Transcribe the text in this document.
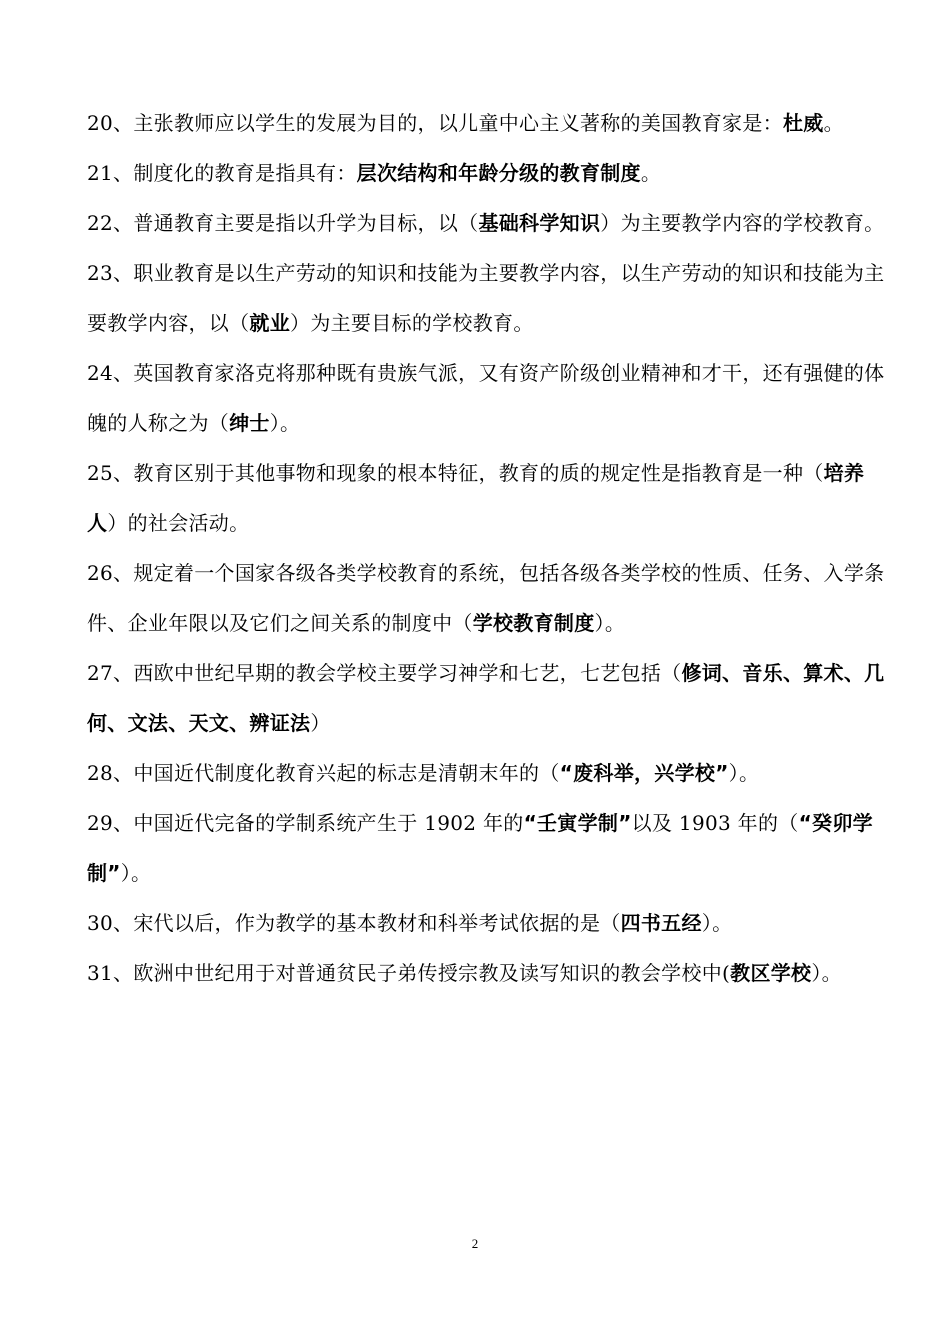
20、主张教师应以学生的发展为目的，以儿童中心主义著称的美国教育家是：杜威。

21、制度化的教育是指具有：层次结构和年龄分级的教育制度。

22、普通教育主要是指以升学为目标，以（基础科学知识）为主要教学内容的学校教育。

23、职业教育是以生产劳动的知识和技能为主要教学内容，以生产劳动的知识和技能为主要教学内容，以（就业）为主要目标的学校教育。

24、英国教育家洛克将那种既有贵族气派，又有资产阶级创业精神和才干，还有强健的体魄的人称之为（绅士）。

25、教育区别于其他事物和现象的根本特征，教育的质的规定性是指教育是一种（培养人）的社会活动。

26、规定着一个国家各级各类学校教育的系统，包括各级各类学校的性质、任务、入学条件、企业年限以及它们之间关系的制度中（学校教育制度）。

27、西欧中世纪早期的教会学校主要学习神学和七艺，七艺包括（修词、音乐、算术、几何、文法、天文、辨证法）

28、中国近代制度化教育兴起的标志是清朝末年的（“废科举，兴学校”）。

29、中国近代完备的学制系统产生于 1902 年的“壬寅学制”以及 1903 年的（“癸卯学制”）。

30、宋代以后，作为教学的基本教材和科举考试依据的是（四书五经）。

31、欧洲中世纪用于对普通贫民子弟传授宗教及读写知识的教会学校中(教区学校）。

2
